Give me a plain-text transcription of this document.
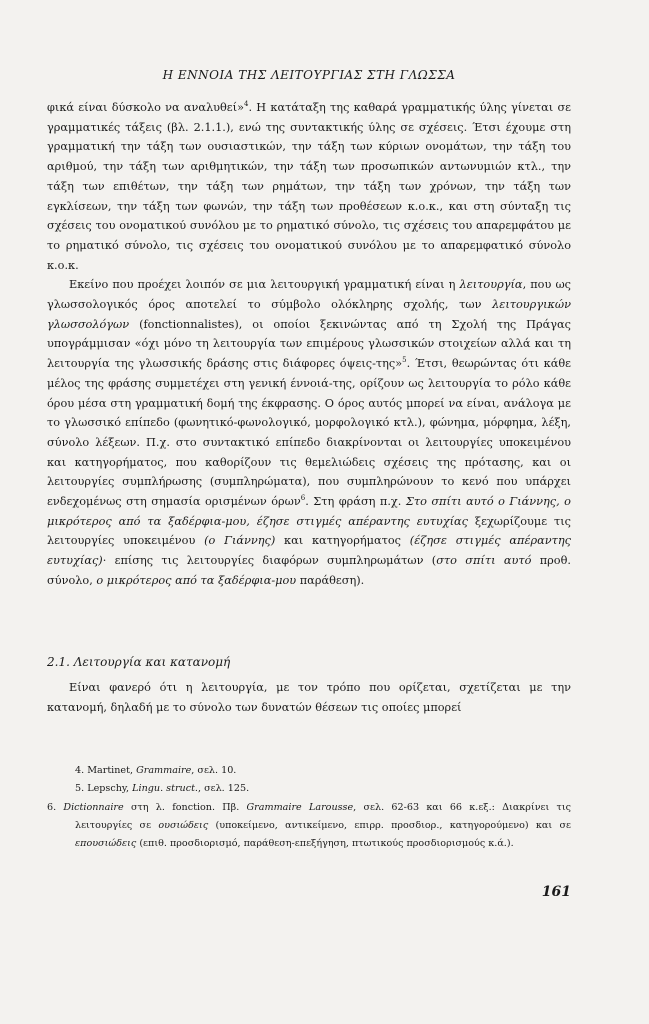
Η ΕΝΝΟΙΑ ΤΗΣ ΛΕΙΤΟΥΡΓΙΑΣ ΣΤΗ ΓΛΩΣΣΑ

φικά είναι δύσκολο να αναλυθεί»$^4$. Η κατάταξη της καθαρά γραμματικής ύλης γίνεται σε γραμματικές τάξεις (βλ. 2.1.1.), ενώ της συντακτικής ύλης σε σχέσεις. Έτσι έχουμε στη γραμματική την τάξη των ουσιαστικών, την τάξη των κύριων ονομάτων, την τάξη του αριθμού, την τάξη των αριθμητικών, την τάξη των προσωπικών αντωνυμιών κτλ., την τάξη των επιθέτων, την τάξη των ρημάτων, την τάξη των χρόνων, την τάξη των εγκλίσεων, την τάξη των φωνών, την τάξη των προθέσεων κ.ο.κ., και στη σύνταξη τις σχέσεις του ονοματικού συνόλου με το ρηματικό σύνολο, τις σχέσεις του απαρεμφάτου με το ρηματικό σύνολο, τις σχέσεις του ονοματικού συνόλου με το απαρεμφατικό σύνολο κ.ο.κ.

Εκείνο που προέχει λοιπόν σε μια λειτουργική γραμματική είναι η λειτουργία, που ως γλωσσολογικός όρος αποτελεί το σύμβολο ολόκληρης σχολής, των λειτουργικών γλωσσολόγων (fonctionnalistes), οι οποίοι ξεκινώντας από τη Σχολή της Πράγας υπογράμμισαν «όχι μόνο τη λειτουργία των επιμέρους γλωσσικών στοιχείων αλλά και τη λειτουργία της γλωσσικής δράσης στις διάφορες όψεις-της»$^5$. Έτσι, θεωρώντας ότι κάθε μέλος της φράσης συμμετέχει στη γενική έννοιά-της, ορίζουν ως λειτουργία το ρόλο κάθε όρου μέσα στη γραμματική δομή της έκφρασης. Ο όρος αυτός μπορεί να είναι, ανάλογα με το γλωσσικό επίπεδο (φωνητικό-φωνολογικό, μορφολογικό κτλ.), φώνημα, μόρφημα, λέξη, σύνολο λέξεων. Π.χ. στο συντακτικό επίπεδο διακρίνονται οι λειτουργίες υποκειμένου και κατηγορήματος, που καθορίζουν τις θεμελιώδεις σχέσεις της πρότασης, και οι λειτουργίες συμπλήρωσης (συμπληρώματα), που συμπληρώνουν το κενό που υπάρχει ενδεχομένως στη σημασία ορισμένων όρων$^6$. Στη φράση π.χ. Στο σπίτι αυτό ο Γιάννης, ο μικρότερος από τα ξαδέρφια-μου, έζησε στιγμές απέραντης ευτυχίας ξεχωρίζουμε τις λειτουργίες υποκειμένου (ο Γιάννης) και κατηγορήματος (έζησε στιγμές απέραντης ευτυχίας)· επίσης τις λειτουργίες διαφόρων συμπληρωμάτων (στο σπίτι αυτό προθ. σύνολο, ο μικρότερος από τα ξαδέρφια-μου παράθεση).

2.1. Λειτουργία και κατανομή
Είναι φανερό ότι η λειτουργία, με τον τρόπο που ορίζεται, σχετίζεται με την κατανομή, δηλαδή με το σύνολο των δυνατών θέσεων τις οποίες μπορεί

4. Martinet, Grammaire, σελ. 10.

5. Lepschy, Lingu. struct., σελ. 125.

6. Dictionnaire στη λ. fonction. Πβ. Grammaire Larousse, σελ. 62-63 και 66 κ.εξ.: Διακρίνει τις λειτουργίες σε ουσιώδεις (υποκείμενο, αντικείμενο, επιρρ. προσδιορ., κατηγορούμενο) και σε επουσιώδεις (επιθ. προσδιορισμό, παράθεση-επεξήγηση, πτωτικούς προσδιορισμούς κ.ά.).

161
